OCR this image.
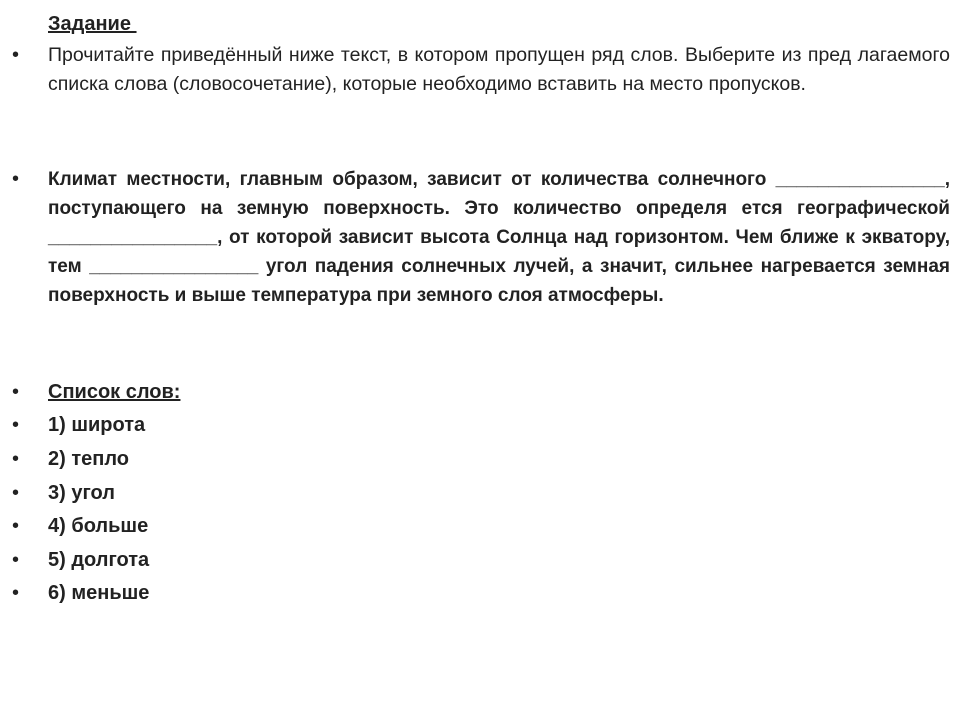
Задание
• Прочитайте приведённый ниже текст, в котором пропущен ряд слов. Выберите из пред лагаемого списка слова (словосочетание), которые необходимо вставить на место пропусков.
• Климат местности, главным образом, зависит от количества солнечного ________________, поступающего на земную поверхность. Это количество определя ется географической ________________, от которой зависит высота Солнца над горизонтом. Чем ближе к экватору, тем ________________ угол падения солнечных лучей, а значит, сильнее нагревается земная поверхность и выше температура при земного слоя атмосферы.
• Список слов:
• 1) широта
• 2) тепло
• 3) угол
• 4) больше
• 5) долгота
• 6) меньше
